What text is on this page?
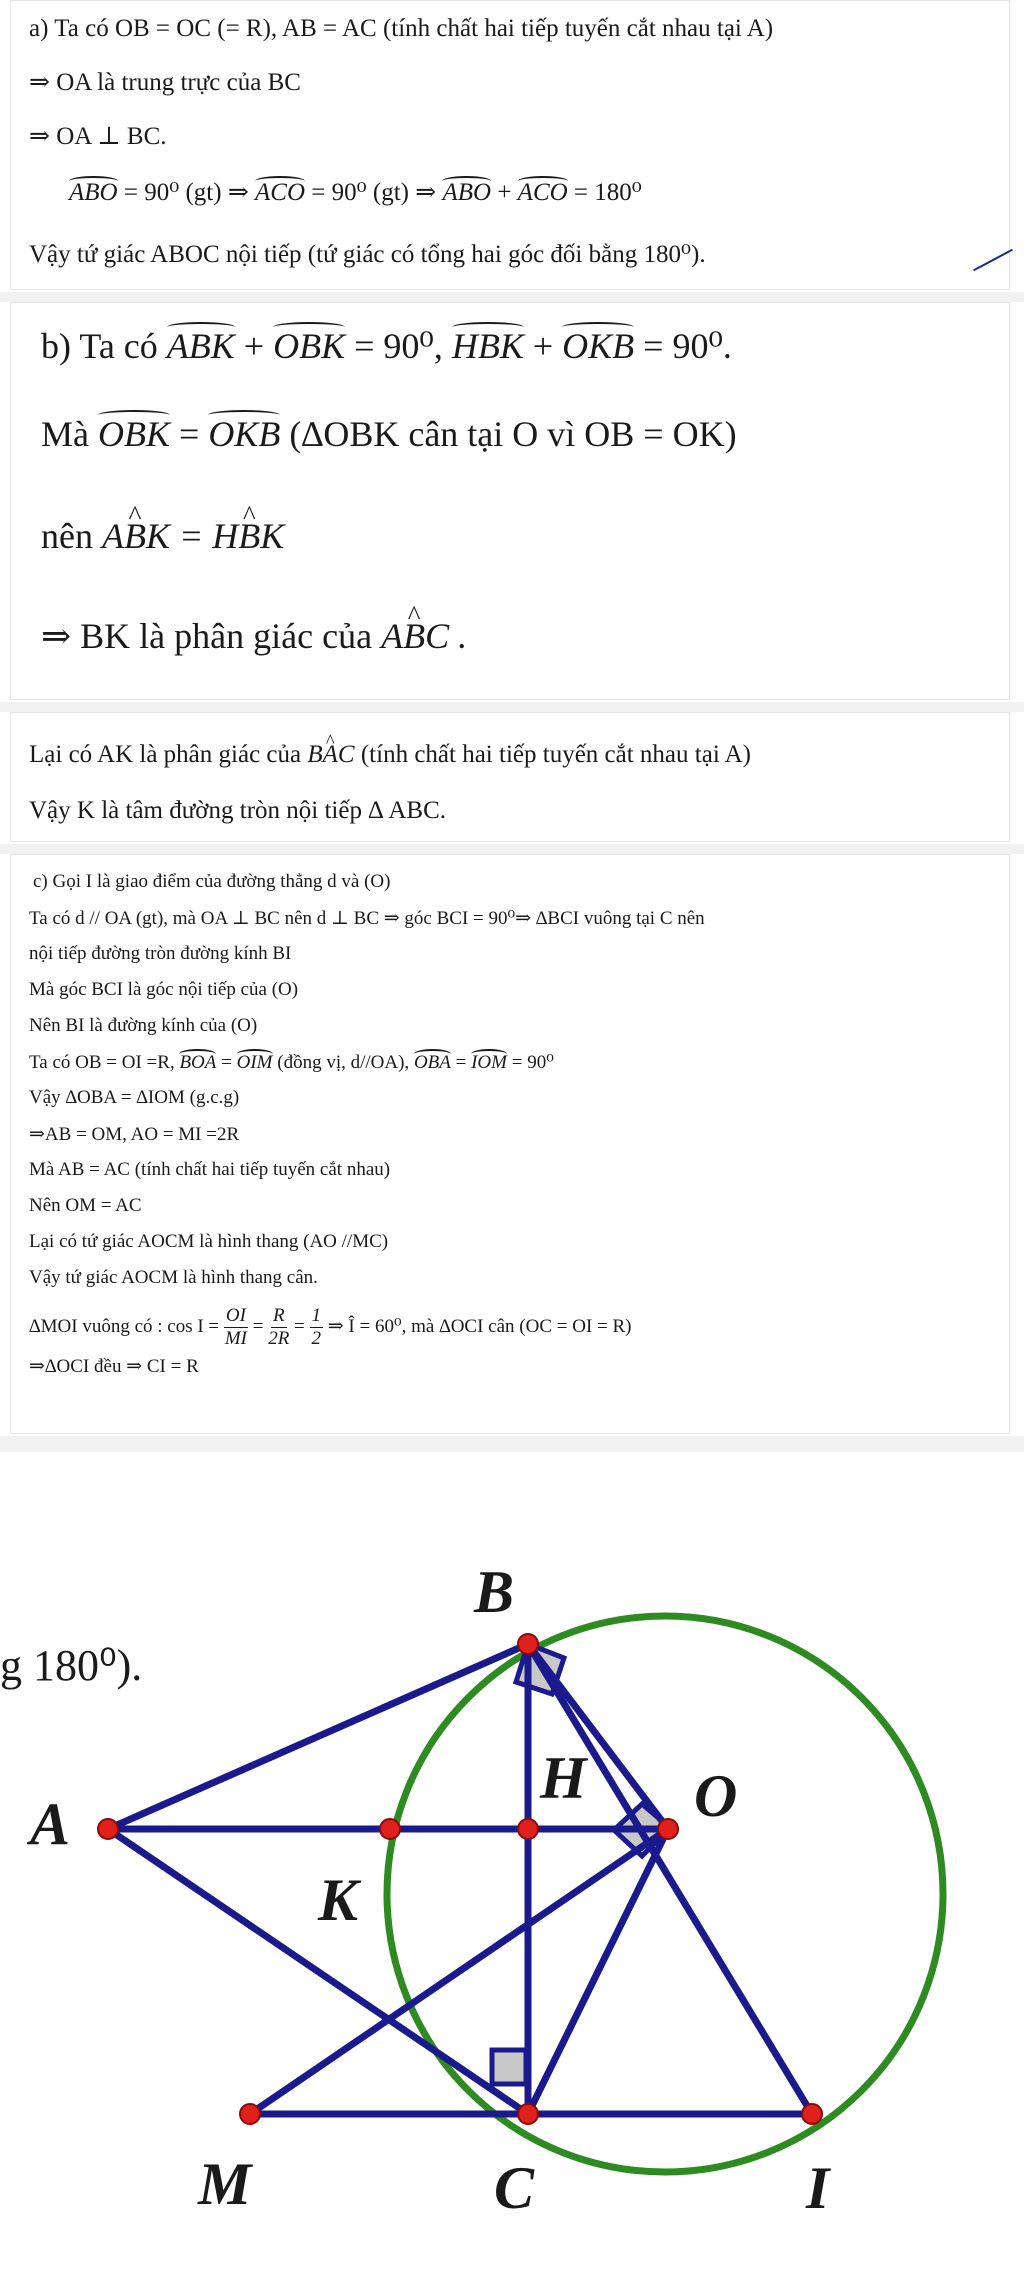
a) Ta có OB = OC (= R), AB = AC (tính chất hai tiếp tuyến cắt nhau tại A)
⇒ OA là trung trực của BC
⇒ OA ⊥ BC.
ABO = 90⁰ (gt) ⇒ ACO = 90⁰ (gt) ⇒ ABO + ACO = 180⁰
Vậy tứ giác ABOC nội tiếp (tứ giác có tổng hai góc đối bằng 180⁰).
b) Ta có ABK + OBK = 90⁰, HBK + OKB = 90⁰.
Mà OBK = OKB (∆OBK cân tại O vì OB = OK)
nên A^ BK = H^ BK
⇒ BK là phân giác của A^ BC .
Lại có AK là phân giác của B^ AC (tính chất hai tiếp tuyến cắt nhau tại A)
Vậy K là tâm đường tròn nội tiếp ∆ ABC.
c) Gọi I là giao điểm của đường thẳng d và (O)
Ta có d // OA (gt), mà OA ⊥ BC nên d ⊥ BC ⇒ góc BCI = 90⁰⇒ ∆BCI vuông tại C nên
nội tiếp đường tròn đường kính BI
Mà góc BCI là góc nội tiếp của (O)
Nên BI là đường kính của (O)
Ta có OB = OI =R, BOA = OIM (đồng vị, d//OA), OBA = IOM = 90⁰
Vậy ∆OBA = ∆IOM (g.c.g)
⇒AB = OM, AO = MI =2R
Mà AB = AC (tính chất hai tiếp tuyến cắt nhau)
Nên OM = AC
Lại có tứ giác AOCM là hình thang (AO //MC)
Vậy tứ giác AOCM là hình thang cân.
∆MOI vuông có : $\cos I = \frac{OI}{MI} = \frac{R}{2R} = \frac{1}{2}$ ⇒ Î = 60⁰, mà ∆OCI cân (OC = OI = R)
⇒∆OCI đều ⇒ CI = R
g 180⁰).
B
A
H O
K
M	C	I
